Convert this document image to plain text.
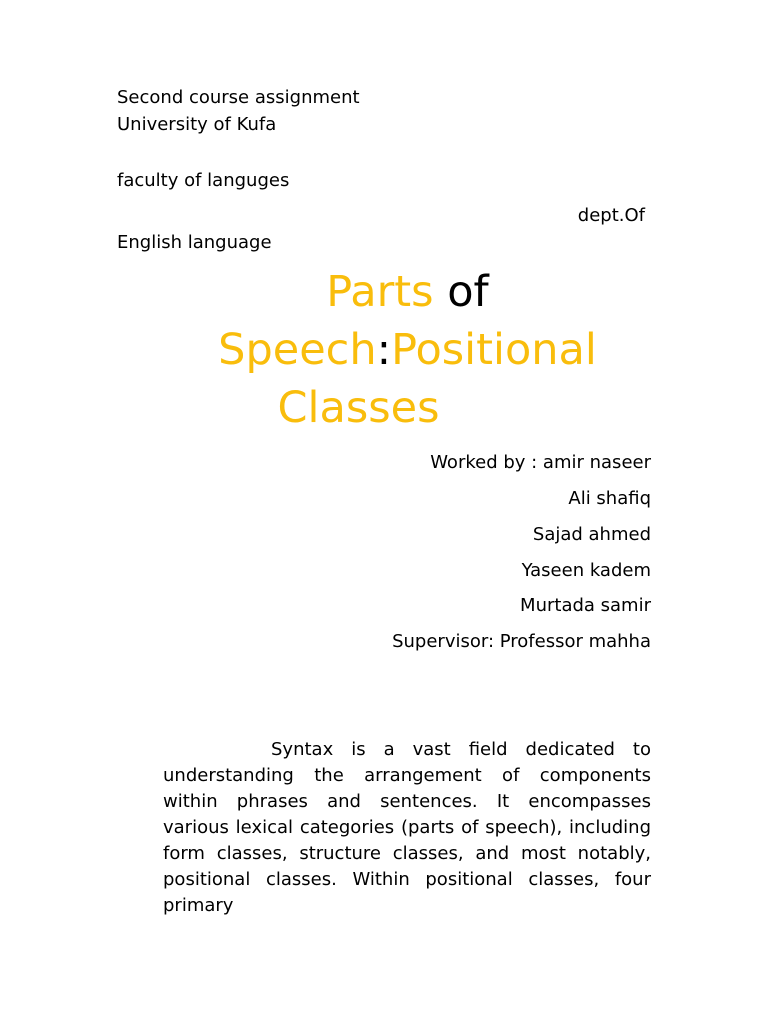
Second course assignment
University of Kufa
faculty of languges
dept.Of
English language
Parts of
Speech:Positional
Classes
Worked by : amir naseer
Ali shafiq
Sajad ahmed
Yaseen kadem
Murtada samir
Supervisor: Professor mahha

Syntax is a vast field dedicated to understanding the arrangement of components within phrases and sentences. It encompasses various lexical categories (parts of speech), including form classes, structure classes, and most notably, positional classes. Within positional classes, four primary
